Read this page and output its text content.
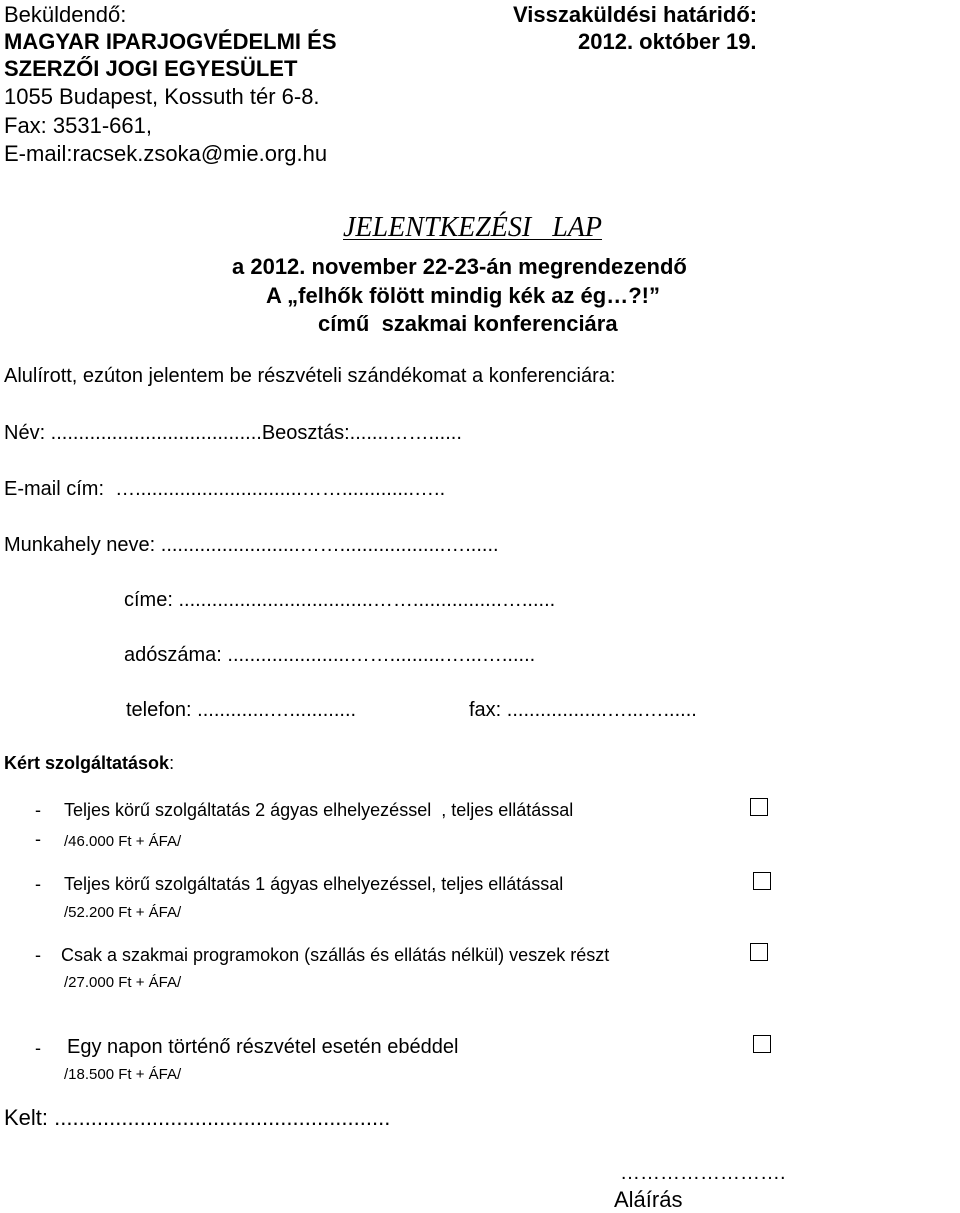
Beküldendő:
MAGYAR IPARJOGVÉDELMI ÉS
SZERZŐI JOGI EGYESÜLET
1055 Budapest, Kossuth tér 6-8.
Fax: 3531-661,
E-mail:racsek.zsoka@mie.org.hu
Visszaküldési határidő:
2012. október 19.
JELENTKEZÉSI   LAP
a 2012. november 22-23-án megrendezendő
A „felhők fölött mindig kék az ég…?!”
című  szakmai konferenciára
Alulírott, ezúton jelentem be részvételi szándékomat a konferenciára:
Név: ......................................Beosztás:.......……......
E-mail cím:  …..............................…….............…..
Munkahely neve: .........................……...................…......
címe: ...................................……................…......
adószáma: ......................……..........…...…......
telefon: .............…............	fax: ..................…...…......
Kért szolgáltatások:
- Teljes körű szolgáltatás 2 ágyas elhelyezéssel  , teljes ellátással
- /46.000 Ft + ÁFA/
- Teljes körű szolgáltatás 1 ágyas elhelyezéssel, teljes ellátással
/52.200 Ft + ÁFA/
- Csak a szakmai programokon (szállás és ellátás nélkül) veszek részt
/27.000 Ft + ÁFA/
- Egy napon történő részvétel esetén ebéddel
/18.500 Ft + ÁFA/
Kelt: .......................................................
…………………….
Aláírás
